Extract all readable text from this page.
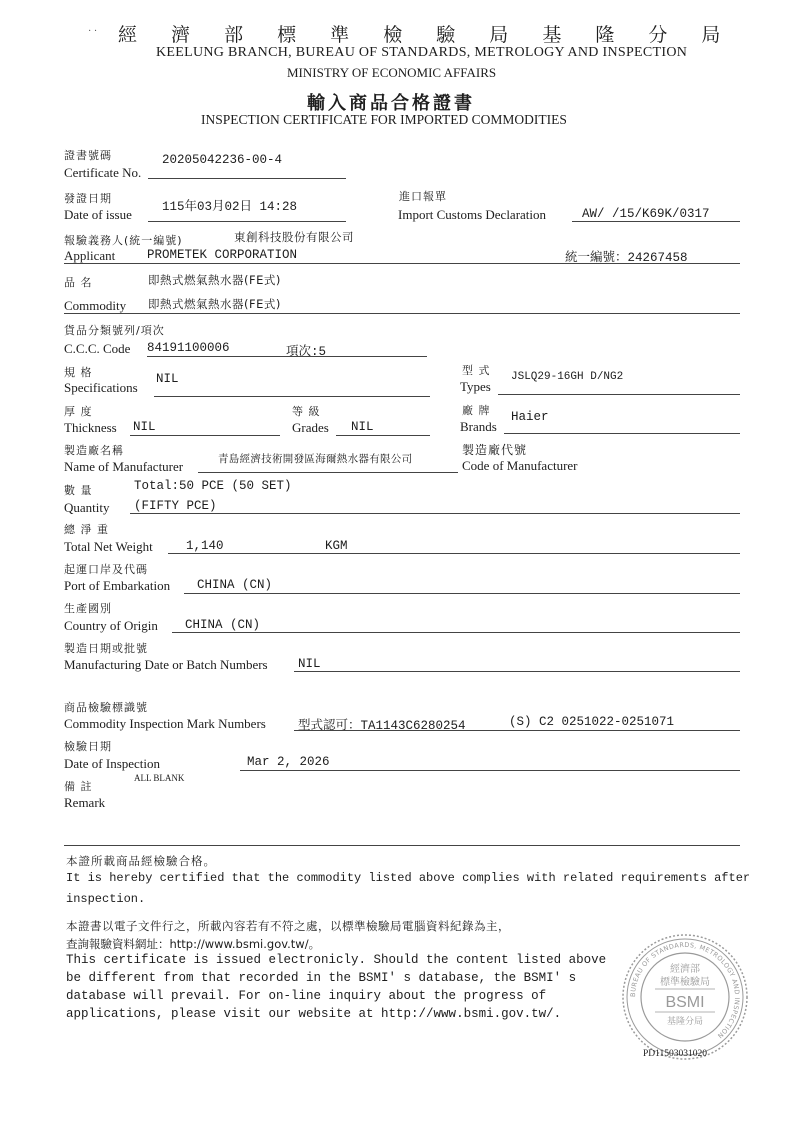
· · 經 濟 部 標 準 檢 驗 局 基 隆 分 局
KEELUNG BRANCH, BUREAU OF STANDARDS, METROLOGY AND INSPECTION
MINISTRY OF ECONOMIC AFFAIRS
輸入商品合格證書
INSPECTION CERTIFICATE FOR IMPORTED COMMODITIES
證書號碼
Certificate No.
20205042236-00-4
發證日期
Date of issue 115年03月02日 14:28
進口報單
Import Customs Declaration	AW/ /15/K69K/0317
報驗義務人(統一編號)	東創科技股份有限公司
Applicant	PROMETEK CORPORATION	統一編號：24267458
品 名	即熱式燃氣熱水器(FE式)
Commodity 即熱式燃氣熱水器(FE式)
貨品分類號列/項次
C.C.C. Code 84191100006	項次:5
規 格
Specifications
NIL
型 式
Types
JSLQ29-16GH D/NG2
厚 度
Thickness NIL
等 級
Grades NIL
廠 牌
Brands
Haier
製造廠名稱
Name of Manufacturer	青島經濟技術開發區海爾熱水器有限公司
製造廠代號
Code of Manufacturer
數 量	Total:50 PCE (50 SET)
Quantity (FIFTY PCE)
總 淨 重
Total Net Weight	1,140	KGM
起運口岸及代碼
Port of Embarkation CHINA (CN)
生產國別
Country of Origin CHINA (CN)
製造日期或批號
Manufacturing Date or Batch Numbers NIL
商品檢驗標識號
Commodity Inspection Mark Numbers	型式認可：TA1143C6280254	(S) C2 0251022-0251071
檢驗日期
Date of Inspection	Mar 2, 2026
備 註
ALL BLANK
Remark
本證所載商品經檢驗合格。
It is hereby certified that the commodity listed above complies with related requirements after
inspection.
本證書以電子文件行之，所載內容若有不符之處，以標準檢驗局電腦資料紀錄為主，
查詢報驗資料網址：http://www.bsmi.gov.tw/。
This certificate is issued electronicly. Should the content listed above
be different from that recorded in the BSMI' s database, the BSMI' s
database will prevail. For on-line inquiry about the progress of
applications, please visit our website at http://www.bsmi.gov.tw/.
BUREAU OF STANDARDS, METROLOGY AND INSPECTION
經濟部
標準檢驗局
BSMI
基隆分局
PD11503031020
